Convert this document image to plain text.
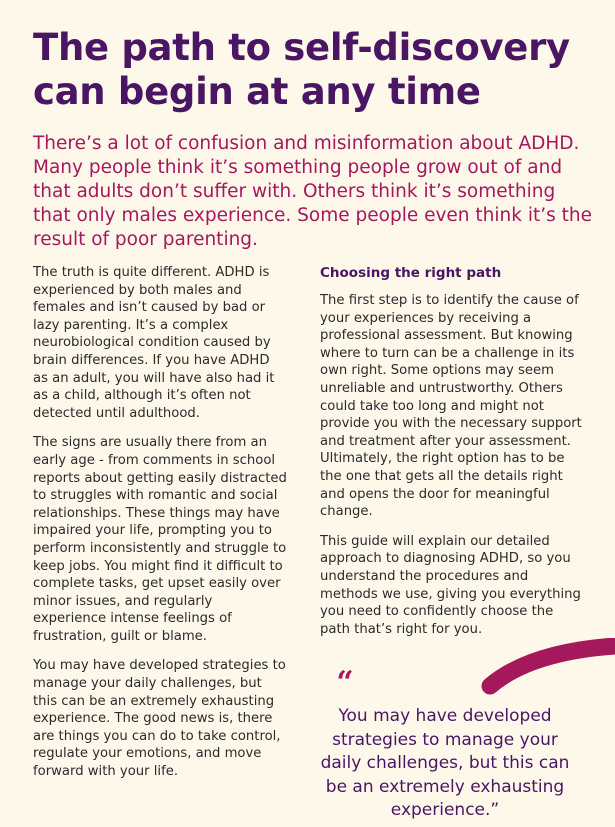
The path to self-discovery can begin at any time

There’s a lot of confusion and misinformation about ADHD. Many people think it’s something people grow out of and that adults don’t suffer with. Others think it’s something that only males experience. Some people even think it’s the result of poor parenting.

The truth is quite different. ADHD is experienced by both males and females and isn’t caused by bad or lazy parenting. It’s a complex neurobiological condition caused by brain differences. If you have ADHD as an adult, you will have also had it as a child, although it’s often not detected until adulthood.

The signs are usually there from an early age - from comments in school reports about getting easily distracted to struggles with romantic and social relationships. These things may have impaired your life, prompting you to perform inconsistently and struggle to keep jobs. You might find it difficult to complete tasks, get upset easily over minor issues, and regularly experience intense feelings of frustration, guilt or blame.

You may have developed strategies to manage your daily challenges, but this can be an extremely exhausting experience. The good news is, there are things you can do to take control, regulate your emotions, and move forward with your life.

Choosing the right path

The first step is to identify the cause of your experiences by receiving a professional assessment. But knowing where to turn can be a challenge in its own right. Some options may seem unreliable and untrustworthy. Others could take too long and might not provide you with the necessary support and treatment after your assessment. Ultimately, the right option has to be the one that gets all the details right and opens the door for meaningful change.

This guide will explain our detailed approach to diagnosing ADHD, so you understand the procedures and methods we use, giving you everything you need to confidently choose the path that’s right for you.

“

You may have developed strategies to manage your daily challenges, but this can be an extremely exhausting experience.”
